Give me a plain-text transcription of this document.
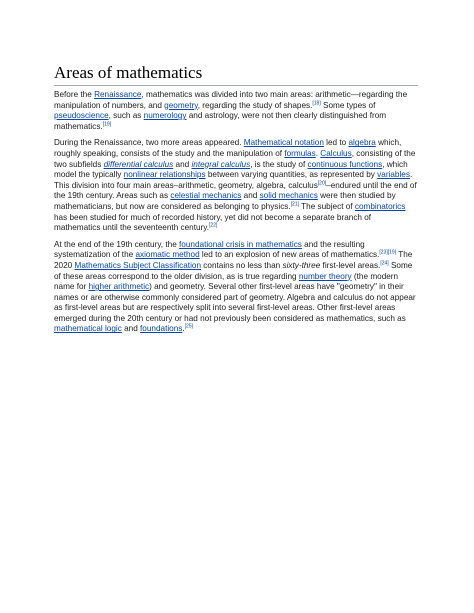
Areas of mathematics

Before the Renaissance, mathematics was divided into two main areas: arithmetic—regarding the manipulation of numbers, and geometry, regarding the study of shapes.[18] Some types of pseudoscience, such as numerology and astrology, were not then clearly distinguished from mathematics.[19]

During the Renaissance, two more areas appeared. Mathematical notation led to algebra which, roughly speaking, consists of the study and the manipulation of formulas. Calculus, consisting of the two subfields differential calculus and integral calculus, is the study of continuous functions, which model the typically nonlinear relationships between varying quantities, as represented by variables. This division into four main areas–arithmetic, geometry, algebra, calculus[20]–endured until the end of the 19th century. Areas such as celestial mechanics and solid mechanics were then studied by mathematicians, but now are considered as belonging to physics.[21] The subject of combinatorics has been studied for much of recorded history, yet did not become a separate branch of mathematics until the seventeenth century.[22]

At the end of the 19th century, the foundational crisis in mathematics and the resulting systematization of the axiomatic method led to an explosion of new areas of mathematics.[23][19] The 2020 Mathematics Subject Classification contains no less than sixty-three first-level areas.[24] Some of these areas correspond to the older division, as is true regarding number theory (the modern name for higher arithmetic) and geometry. Several other first-level areas have "geometry" in their names or are otherwise commonly considered part of geometry. Algebra and calculus do not appear as first-level areas but are respectively split into several first-level areas. Other first-level areas emerged during the 20th century or had not previously been considered as mathematics, such as mathematical logic and foundations.[25]
